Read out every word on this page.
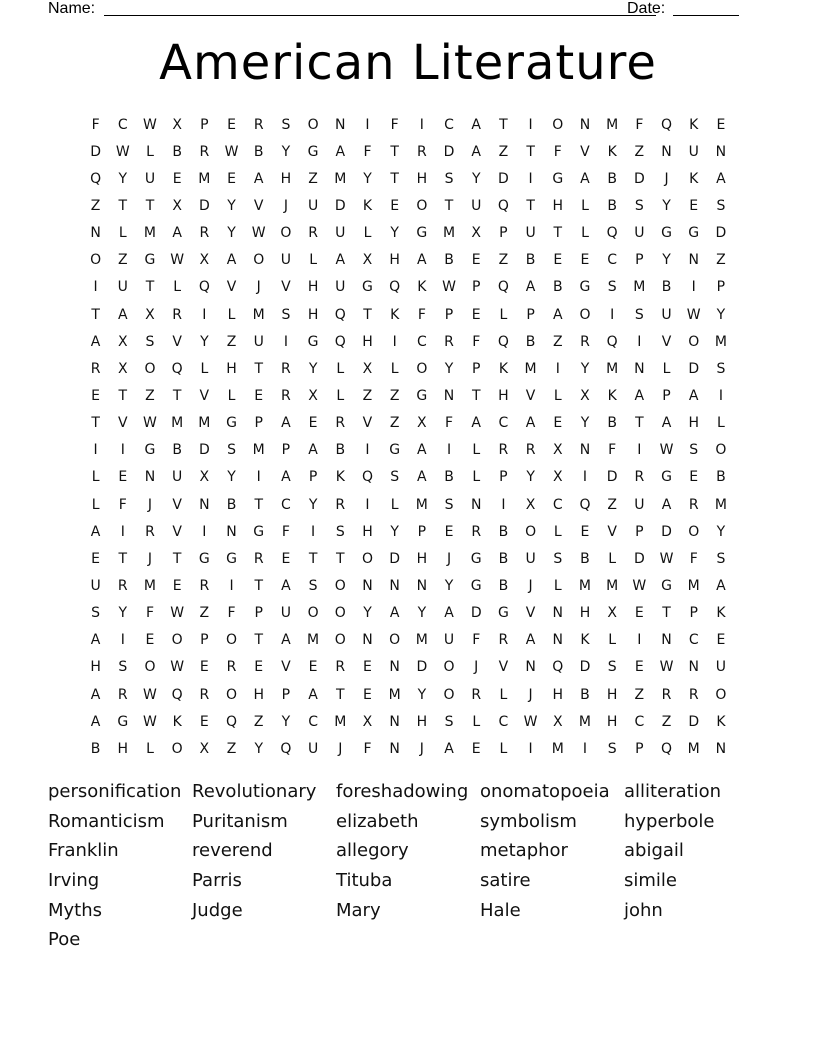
Name:	Date:
American Literature
F	C	W	X	P	E	R	S	O	N	I	F	I	C	A	T	I	O	N	M	F	Q	K	E
D	W	L	B	R	W	B	Y	G	A	F	T	R	D	A	Z	T	F	V	K	Z	N	U	N
Q	Y	U	E	M	E	A	H	Z	M	Y	T	H	S	Y	D	I	G	A	B	D	J	K	A
Z	T	T	X	D	Y	V	J	U	D	K	E	O	T	U	Q	T	H	L	B	S	Y	E	S
N	L	M	A	R	Y	W	O	R	U	L	Y	G	M	X	P	U	T	L	Q	U	G	G	D
O	Z	G	W	X	A	O	U	L	A	X	H	A	B	E	Z	B	E	E	C	P	Y	N	Z
I	U	T	L	Q	V	J	V	H	U	G	Q	K	W	P	Q	A	B	G	S	M	B	I	P
T	A	X	R	I	L	M	S	H	Q	T	K	F	P	E	L	P	A	O	I	S	U	W	Y
A	X	S	V	Y	Z	U	I	G	Q	H	I	C	R	F	Q	B	Z	R	Q	I	V	O	M
R	X	O	Q	L	H	T	R	Y	L	X	L	O	Y	P	K	M	I	Y	M	N	L	D	S
E	T	Z	T	V	L	E	R	X	L	Z	Z	G	N	T	H	V	L	X	K	A	P	A	I
T	V	W	M	M	G	P	A	E	R	V	Z	X	F	A	C	A	E	Y	B	T	A	H	L
I	I	G	B	D	S	M	P	A	B	I	G	A	I	L	R	R	X	N	F	I	W	S	O
L	E	N	U	X	Y	I	A	P	K	Q	S	A	B	L	P	Y	X	I	D	R	G	E	B
L	F	J	V	N	B	T	C	Y	R	I	L	M	S	N	I	X	C	Q	Z	U	A	R	M
A	I	R	V	I	N	G	F	I	S	H	Y	P	E	R	B	O	L	E	V	P	D	O	Y
E	T	J	T	G	G	R	E	T	T	O	D	H	J	G	B	U	S	B	L	D	W	F	S
U	R	M	E	R	I	T	A	S	O	N	N	N	Y	G	B	J	L	M	M	W	G	M	A
S	Y	F	W	Z	F	P	U	O	O	Y	A	Y	A	D	G	V	N	H	X	E	T	P	K
A	I	E	O	P	O	T	A	M	O	N	O	M	U	F	R	A	N	K	L	I	N	C	E
H	S	O	W	E	R	E	V	E	R	E	N	D	O	J	V	N	Q	D	S	E	W	N	U
A	R	W	Q	R	O	H	P	A	T	E	M	Y	O	R	L	J	H	B	H	Z	R	R	O
A	G	W	K	E	Q	Z	Y	C	M	X	N	H	S	L	C	W	X	M	H	C	Z	D	K
B	H	L	O	X	Z	Y	Q	U	J	F	N	J	A	E	L	I	M	I	S	P	Q	M	N
personification Revolutionary	foreshadowing onomatopoeia alliteration
Romanticism	Puritanism	elizabeth	symbolism	hyperbole
Franklin	reverend	allegory	metaphor	abigail
Irving	Parris	Tituba	satire	simile
Myths	Judge	Mary	Hale	john
Poe
